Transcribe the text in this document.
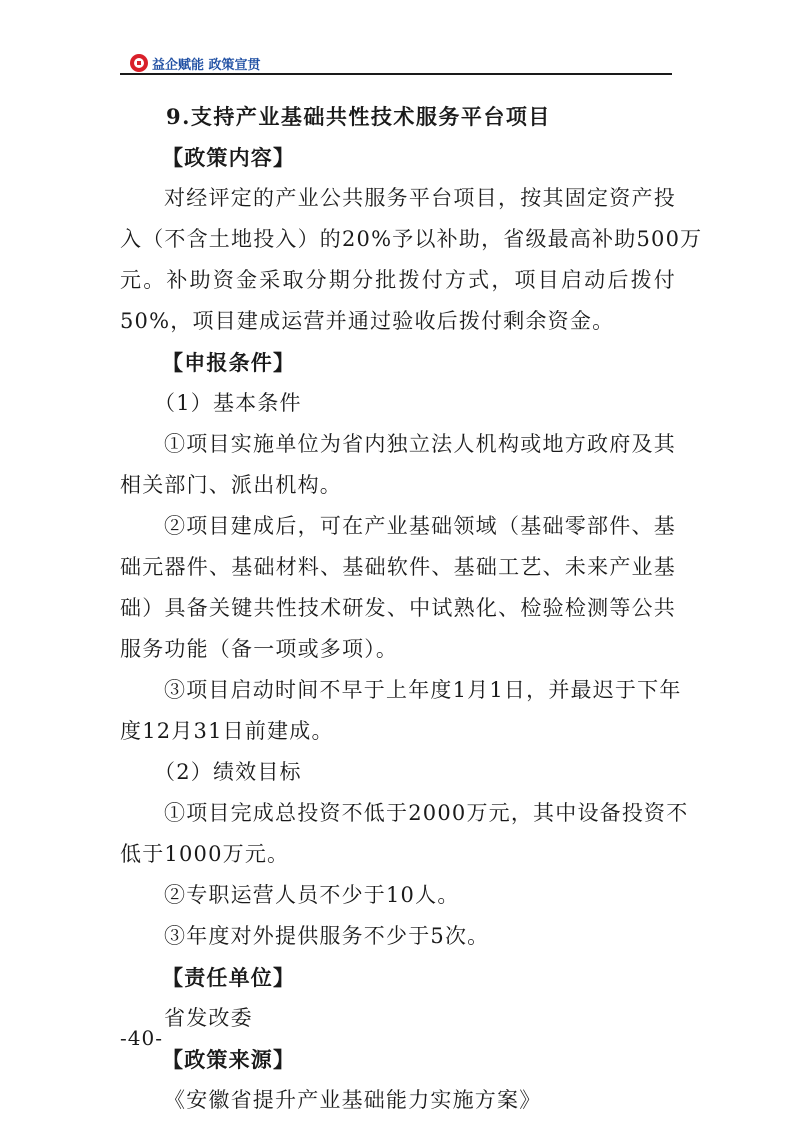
益企赋能 政策宣贯
9.支持产业基础共性技术服务平台项目
【政策内容】
对经评定的产业公共服务平台项目，按其固定资产投
入（不含土地投入）的20%予以补助，省级最高补助500万
元。补助资金采取分期分批拨付方式，项目启动后拨付
50%，项目建成运营并通过验收后拨付剩余资金。
【申报条件】
（1）基本条件
①项目实施单位为省内独立法人机构或地方政府及其
相关部门、派出机构。
②项目建成后，可在产业基础领域（基础零部件、基
础元器件、基础材料、基础软件、基础工艺、未来产业基
础）具备关键共性技术研发、中试熟化、检验检测等公共
服务功能（备一项或多项）。
③项目启动时间不早于上年度1月1日，并最迟于下年
度12月31日前建成。
（2）绩效目标
①项目完成总投资不低于2000万元，其中设备投资不
低于1000万元。
②专职运营人员不少于10人。
③年度对外提供服务不少于5次。
【责任单位】
省发改委
【政策来源】
《安徽省提升产业基础能力实施方案》
-40-
